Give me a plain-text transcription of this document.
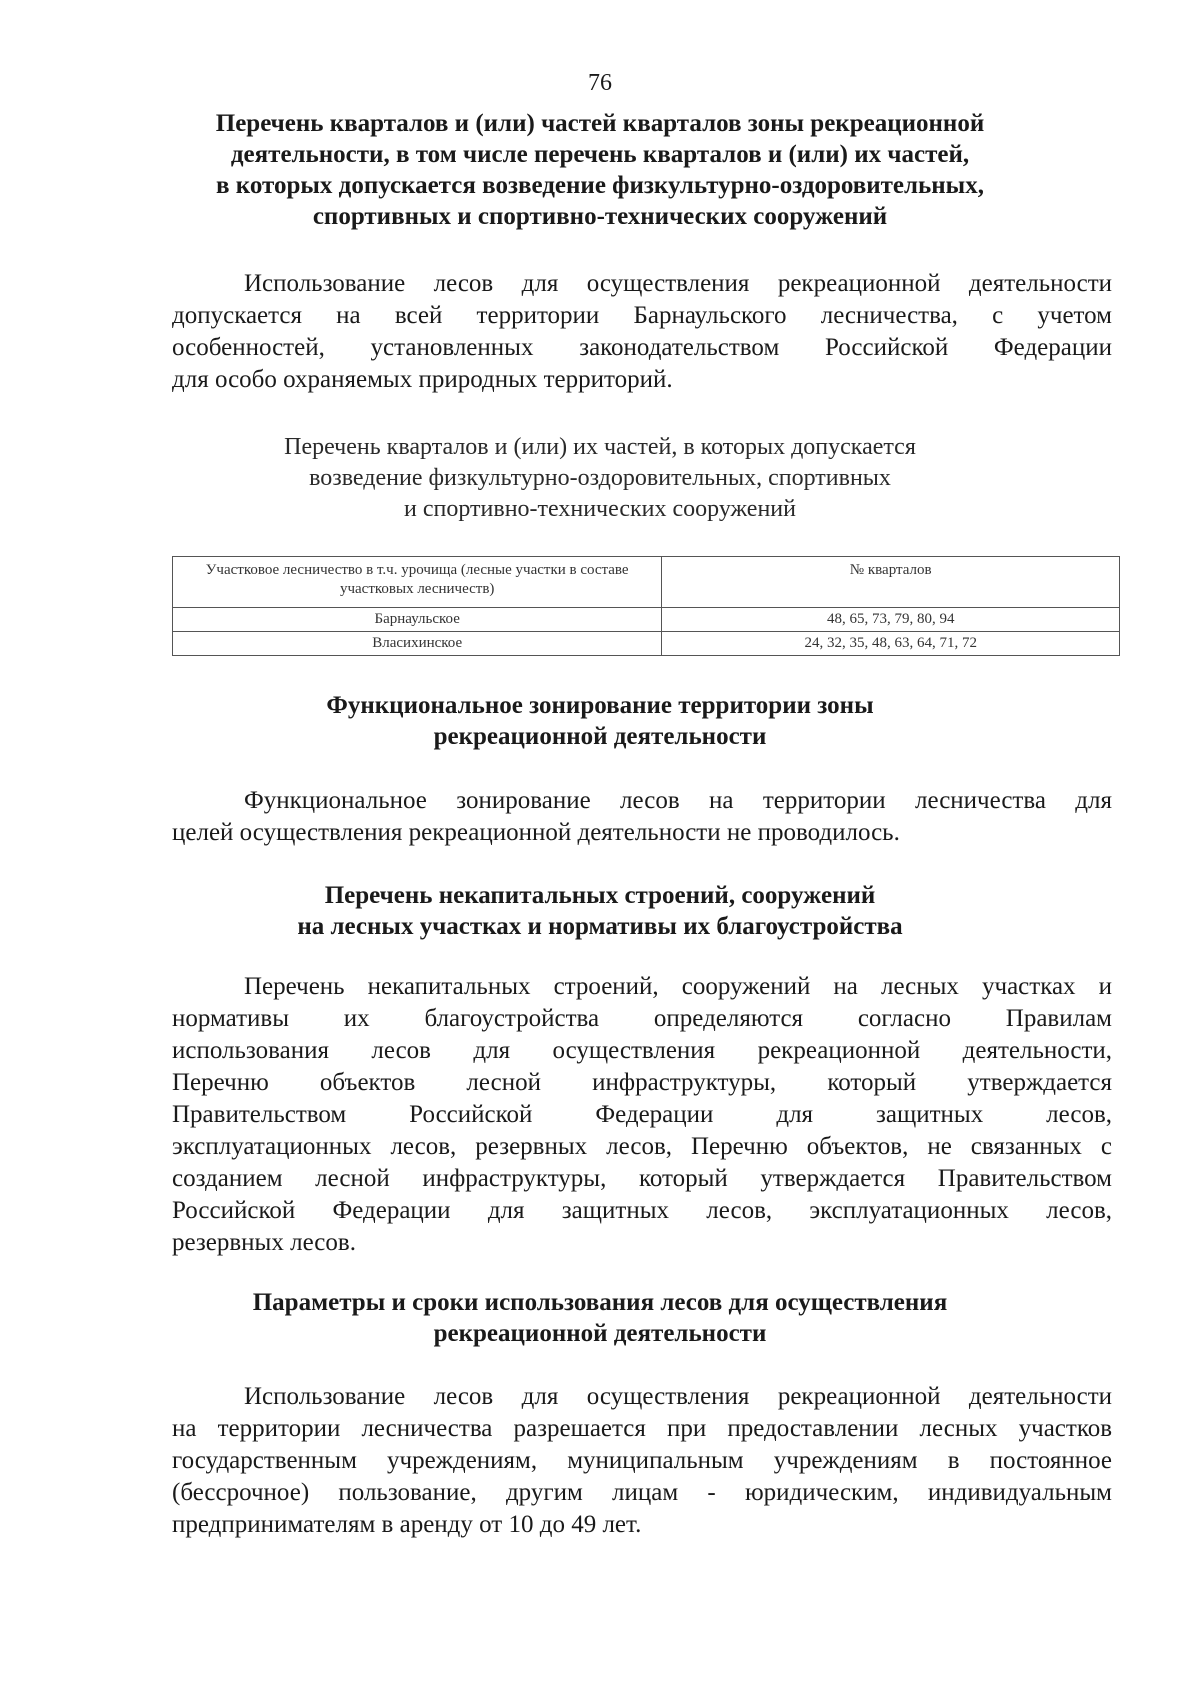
76
Перечень кварталов и (или) частей кварталов зоны рекреационной
деятельности, в том числе перечень кварталов и (или) их частей,
в которых допускается возведение физкультурно-оздоровительных,
спортивных и спортивно-технических сооружений
Использование лесов для осуществления рекреационной деятельности
допускается на всей территории Барнаульского лесничества, с учетом
особенностей, установленных законодательством Российской Федерации
для особо охраняемых природных территорий.
Перечень кварталов и (или) их частей, в которых допускается
возведение физкультурно-оздоровительных, спортивных
и спортивно-технических сооружений
Участковое лесничество в т.ч. урочища (лесные участки в составе участковых лесничеств)	№ кварталов
Барнаульское	48, 65, 73, 79, 80, 94
Власихинское	24, 32, 35, 48, 63, 64, 71, 72
Функциональное зонирование территории зоны
рекреационной деятельности
Функциональное зонирование лесов на территории лесничества для
целей осуществления рекреационной деятельности не проводилось.
Перечень некапитальных строений, сооружений
на лесных участках и нормативы их благоустройства
Перечень некапитальных строений, сооружений на лесных участках и
нормативы их благоустройства определяются согласно Правилам
использования лесов для осуществления рекреационной деятельности,
Перечню объектов лесной инфраструктуры, который утверждается
Правительством Российской Федерации для защитных лесов,
эксплуатационных лесов, резервных лесов, Перечню объектов, не связанных с
созданием лесной инфраструктуры, который утверждается Правительством
Российской Федерации для защитных лесов, эксплуатационных лесов,
резервных лесов.
Параметры и сроки использования лесов для осуществления
рекреационной деятельности
Использование лесов для осуществления рекреационной деятельности
на территории лесничества разрешается при предоставлении лесных участков
государственным учреждениям, муниципальным учреждениям в постоянное
(бессрочное) пользование, другим лицам - юридическим, индивидуальным
предпринимателям в аренду от 10 до 49 лет.
